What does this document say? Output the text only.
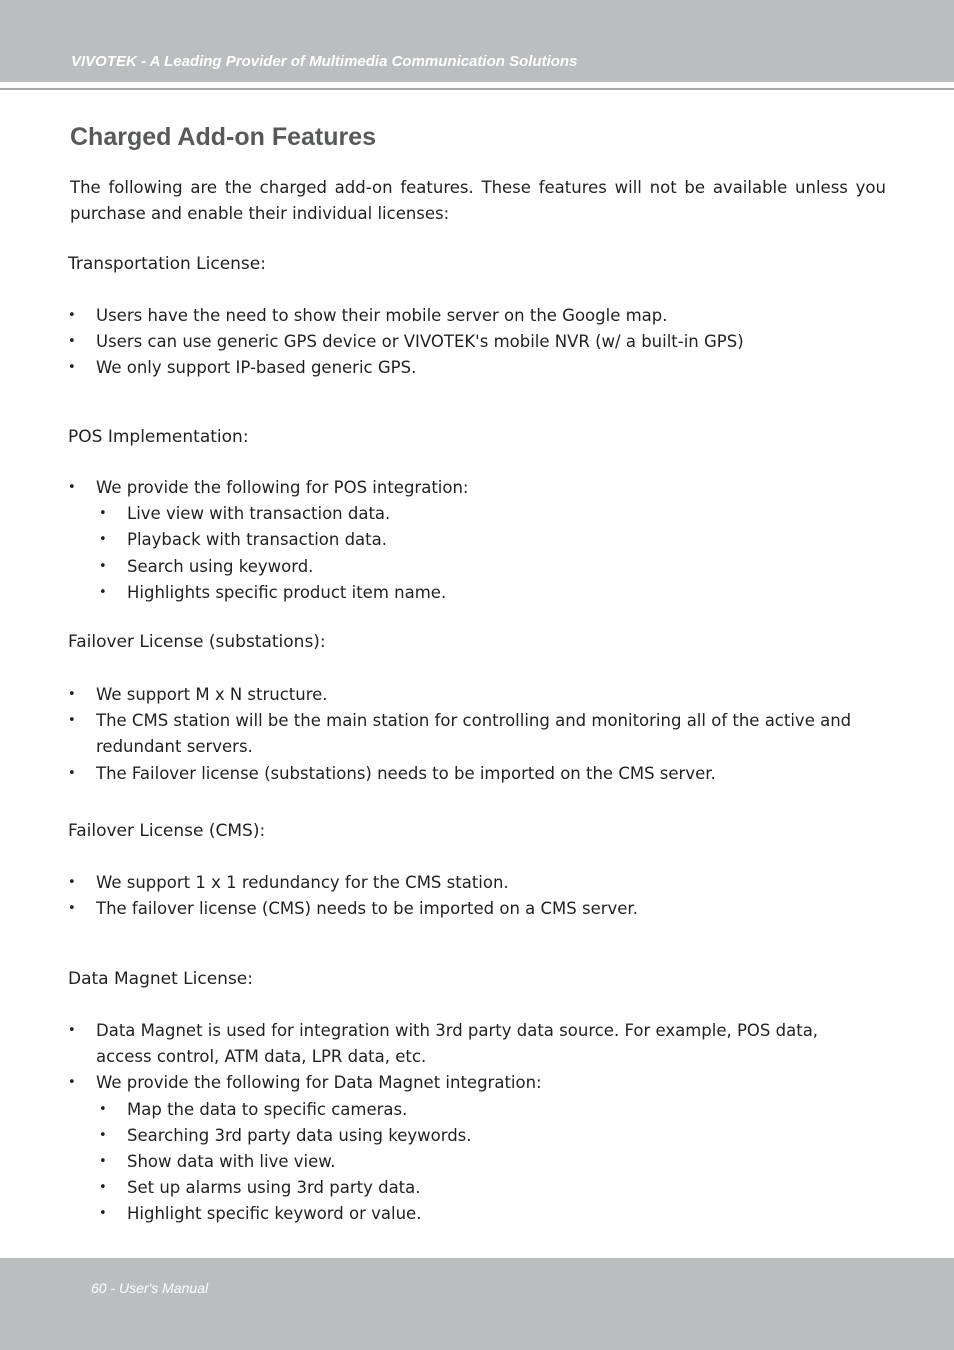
VIVOTEK - A Leading Provider of Multimedia Communication Solutions
Charged Add-on Features

The following are the charged add-on features. These features will not be available unless you
purchase and enable their individual licenses:

Transportation License:
• Users have the need to show their mobile server on the Google map.
• Users can use generic GPS device or VIVOTEK's mobile NVR (w/ a built-in GPS)
• We only support IP-based generic GPS.
POS Implementation:
• We provide the following for POS integration:
• Live view with transaction data.
• Playback with transaction data.
• Search using keyword.
• Highlights specific product item name.
Failover License (substations):
• We support M x N structure.
• The CMS station will be the main station for controlling and monitoring all of the active and redundant servers.
• The Failover license (substations) needs to be imported on the CMS server.
Failover License (CMS):
• We support 1 x 1 redundancy for the CMS station.
• The failover license (CMS) needs to be imported on a CMS server.
Data Magnet License:
• Data Magnet is used for integration with 3rd party data source. For example, POS data, access control, ATM data, LPR data, etc.
• We provide the following for Data Magnet integration:
• Map the data to specific cameras.
• Searching 3rd party data using keywords.
• Show data with live view.
• Set up alarms using 3rd party data.
• Highlight specific keyword or value.
60 - User's Manual
